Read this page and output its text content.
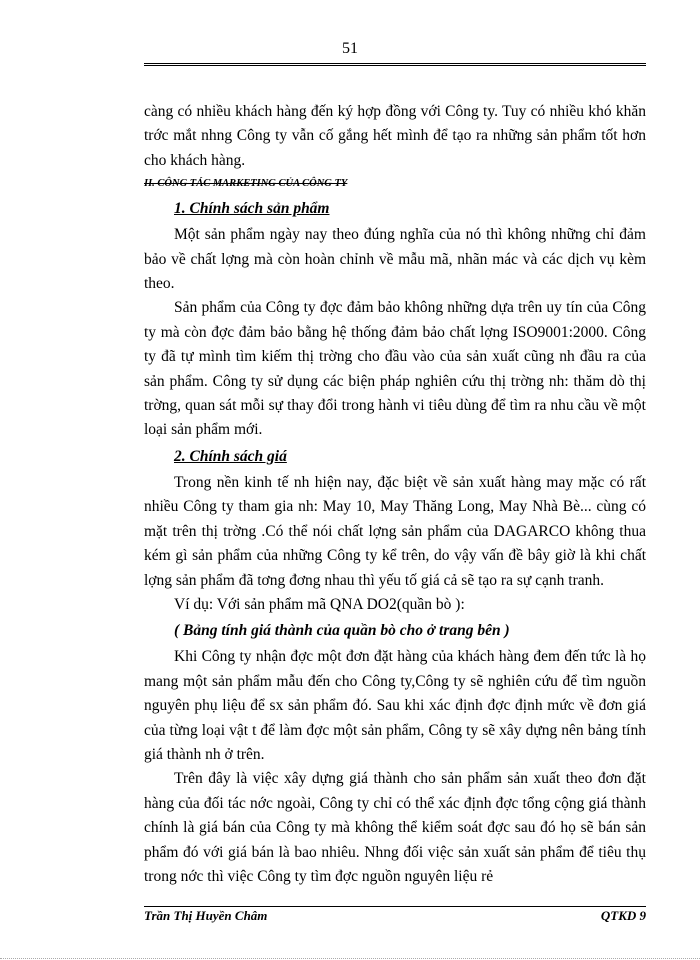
51

càng có nhiều khách hàng đến ký hợp đồng với Công ty. Tuy có nhiều khó khăn trớc mắt nhng Công ty vẫn cố gắng hết mình để tạo ra những sản phẩm tốt hơn cho khách hàng.

II. CÔNG TÁC MARKETING CỦA CÔNG TY
1. Chính sách sản phẩm

Một sản phẩm ngày nay theo đúng nghĩa của nó thì không những chỉ đảm bảo về chất lợng mà còn hoàn chỉnh về mẫu mã, nhãn mác và các dịch vụ kèm theo.

Sản phẩm của Công ty đợc đảm bảo không những dựa trên uy tín của Công ty mà còn đợc đảm bảo bằng hệ thống đảm bảo chất lợng ISO9001:2000. Công ty đã tự mình tìm kiếm thị trờng cho đầu vào của sản xuất cũng nh đầu ra của sản phẩm. Công ty sử dụng các biện pháp nghiên cứu thị trờng nh: thăm dò thị trờng, quan sát mỗi sự thay đổi trong hành vi tiêu dùng để tìm ra nhu cầu về một loại sản phẩm mới.

2. Chính sách giá

Trong nền kinh tế nh hiện nay, đặc biệt về sản xuất hàng may mặc có rất nhiều Công ty tham gia nh: May 10, May Thăng Long, May Nhà Bè... cùng có mặt trên thị trờng .Có thể nói chất lợng sản phẩm của DAGARCO không thua kém gì sản phẩm của những Công ty kể trên, do vậy vấn đề bây giờ là khi chất lợng sản phẩm đã tơng đơng nhau thì yếu tố giá cả sẽ tạo ra sự cạnh tranh.

Ví dụ: Với sản phẩm mã QNA DO2(quần bò ):

( Bảng tính giá thành của quần bò cho ở trang bên )

Khi Công ty nhận đợc một đơn đặt hàng của khách hàng đem đến tức là họ mang một sản phẩm mẫu đến cho Công ty,Công ty sẽ nghiên cứu để tìm nguồn nguyên phụ liệu để sx sản phẩm đó. Sau khi xác định đợc định mức về đơn giá của từng loại vật t để làm đợc một sản phẩm, Công ty sẽ xây dựng nên bảng tính giá thành nh ở trên.

Trên đây là việc xây dựng giá thành cho sản phẩm sản xuất theo đơn đặt hàng của đối tác nớc ngoài, Công ty chỉ có thể xác định đợc tổng cộng giá thành chính là giá bán của Công ty mà không thể kiểm soát đợc sau đó họ sẽ bán sản phẩm đó với giá bán là bao nhiêu. Nhng đối việc sản xuất sản phẩm để tiêu thụ trong nớc thì việc Công ty tìm đợc nguồn nguyên liệu rẻ

Trần Thị Huyền Châm	QTKD 9
